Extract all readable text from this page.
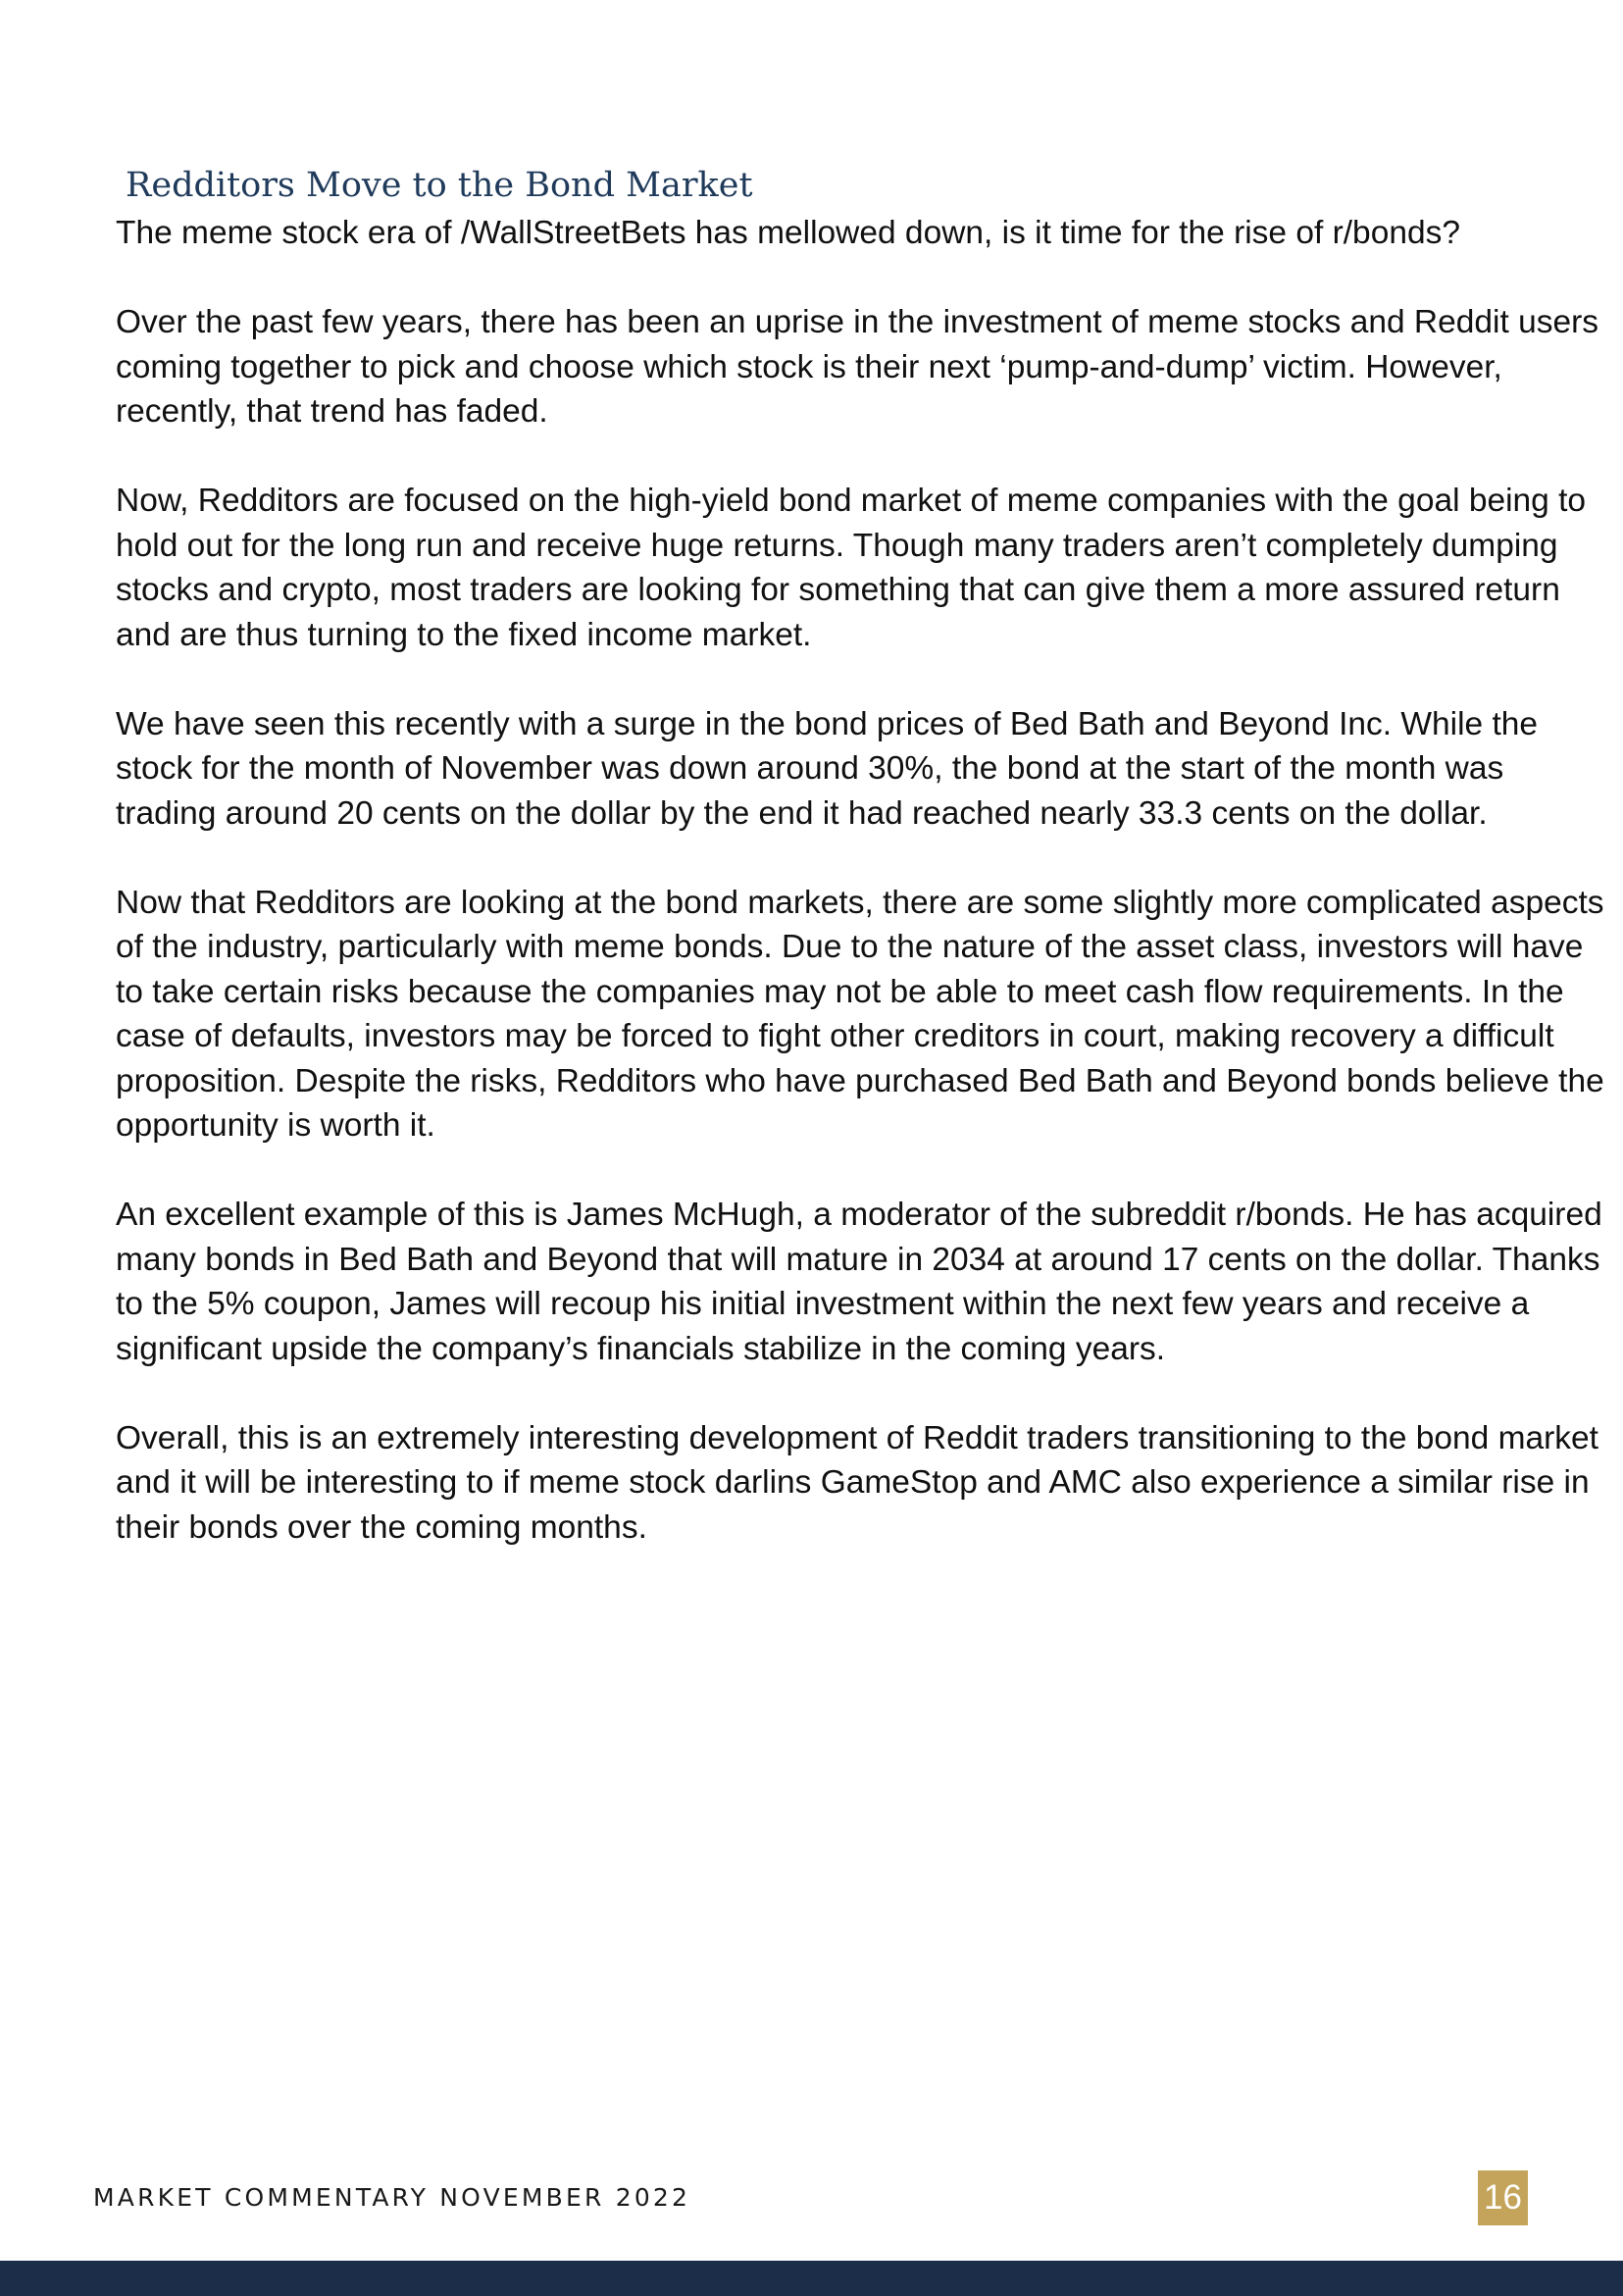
Redditors Move to the Bond Market

The meme stock era of /WallStreetBets has mellowed down, is it time for the rise of r/bonds?

Over the past few years, there has been an uprise in the investment of meme stocks and Reddit users coming together to pick and choose which stock is their next ‘pump-and-dump’ victim. However, recently, that trend has faded.

Now, Redditors are focused on the high-yield bond market of meme companies with the goal being to hold out for the long run and receive huge returns. Though many traders aren’t completely dumping stocks and crypto, most traders are looking for something that can give them a more assured return and are thus turning to the fixed income market.

We have seen this recently with a surge in the bond prices of Bed Bath and Beyond Inc. While the stock for the month of November was down around 30%, the bond at the start of the month was trading around 20 cents on the dollar by the end it had reached nearly 33.3 cents on the dollar.

Now that Redditors are looking at the bond markets, there are some slightly more complicated aspects of the industry, particularly with meme bonds. Due to the nature of the asset class, investors will have to take certain risks because the companies may not be able to meet cash flow requirements. In the case of defaults, investors may be forced to fight other creditors in court, making recovery a difficult proposition. Despite the risks, Redditors who have purchased Bed Bath and Beyond bonds believe the opportunity is worth it.

An excellent example of this is James McHugh, a moderator of the subreddit r/bonds. He has acquired many bonds in Bed Bath and Beyond that will mature in 2034 at around 17 cents on the dollar. Thanks to the 5% coupon, James will recoup his initial investment within the next few years and receive a significant upside the company’s financials stabilize in the coming years.

Overall, this is an extremely interesting development of Reddit traders transitioning to the bond market and it will be interesting to if meme stock darlins GameStop and AMC also experience a similar rise in their bonds over the coming months.

MARKET COMMENTARY NOVEMBER 2022	16
